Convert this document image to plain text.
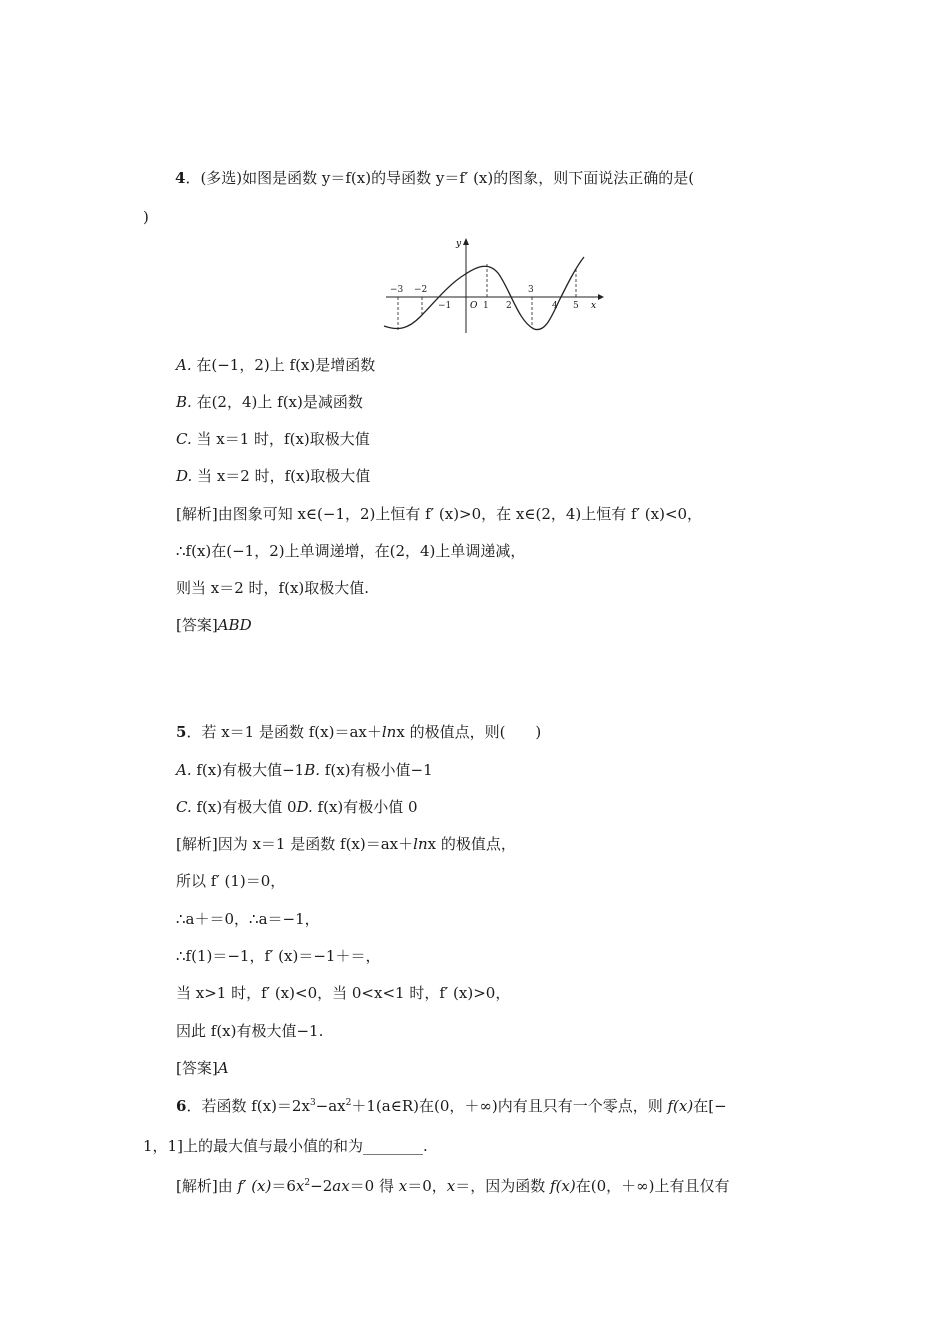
4．(多选)如图是函数 y＝f(x)的导函数 y＝f′ (x)的图象，则下面说法正确的是(
)
y
x
O
−3 −2
−1	1 2
3
4 5
A. 在(−1，2)上 f(x)是增函数
B. 在(2，4)上 f(x)是减函数
C. 当 x＝1 时，f(x)取极大值
D. 当 x＝2 时，f(x)取极大值
[解析]由图象可知 x∈(−1，2)上恒有 f′ (x)>0，在 x∈(2，4)上恒有 f′ (x)<0，
∴f(x)在(−1，2)上单调递增，在(2，4)上单调递减，
则当 x＝2 时，f(x)取极大值.
[答案]ABD
5．若 x＝1 是函数 f(x)＝ax＋lnx 的极值点，则(　　)
A. f(x)有极大值−1B. f(x)有极小值−1
C. f(x)有极大值 0D. f(x)有极小值 0
[解析]因为 x＝1 是函数 f(x)＝ax＋lnx 的极值点，
所以 f′ (1)＝0，
∴a＋＝0，∴a＝−1，
∴f(1)＝−1，f′ (x)＝−1＋＝，
当 x>1 时，f′ (x)<0，当 0<x<1 时，f′ (x)>0，
因此 f(x)有极大值−1.
[答案]A
6．若函数 $f(x)=2x^3-ax^2+1(a\in R)$在(0，＋∞)内有且只有一个零点，则 f(x)在[−
1，1]上的最大值与最小值的和为________.
[解析]由 f′ $(x)=6x^2-2ax=0$ 得 x＝0，x＝，因为函数 f(x)在(0，＋∞)上有且仅有
